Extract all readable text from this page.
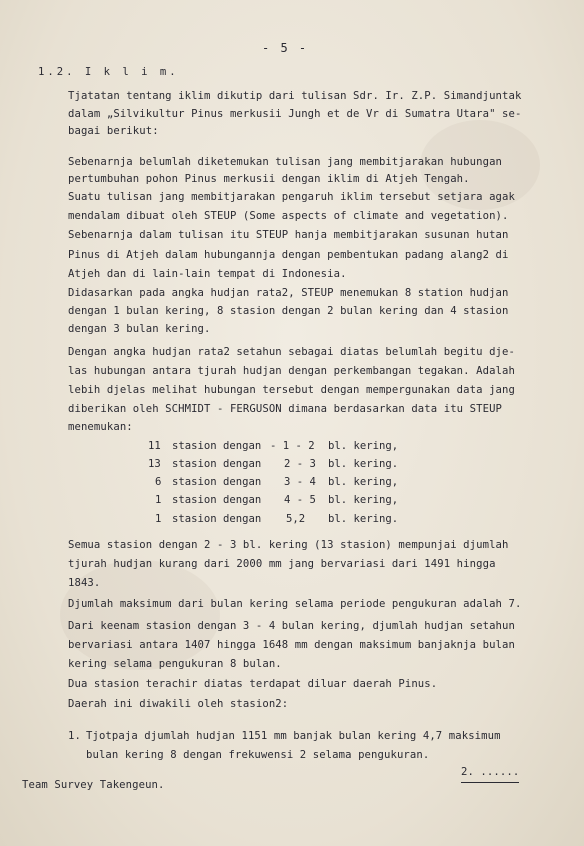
- 5 -
1.2. I k l i m.
Tjatatan tentang iklim dikutip dari tulisan Sdr. Ir. Z.P. Simandjuntak
dalam „Silvikultur Pinus merkusii Jungh et de Vr di Sumatra Utara" se-
bagai berikut:
Sebenarnja belumlah diketemukan tulisan jang membitjarakan hubungan
pertumbuhan pohon Pinus merkusii dengan iklim di Atjeh Tengah.
Suatu tulisan jang membitjarakan pengaruh iklim tersebut setjara agak
mendalam dibuat oleh STEUP (Some aspects of climate and vegetation).
Sebenarnja dalam tulisan itu STEUP hanja membitjarakan susunan hutan
Pinus di Atjeh dalam hubungannja dengan pembentukan padang alang2 di
Atjeh dan di lain-lain tempat di Indonesia.
Didasarkan pada angka hudjan rata2, STEUP menemukan 8 station hudjan
dengan 1 bulan kering, 8 stasion dengan 2 bulan kering dan 4 stasion
dengan 3 bulan kering.
Dengan angka hudjan rata2 setahun sebagai diatas belumlah begitu djе-
las hubungan antara tjurah hudjan dengan perkembangan tegakan. Adalah
lebih djelas melihat hubungan tersebut dengan mempergunakan data jang
diberikan oleh SCHMIDT - FERGUSON dimana berdasarkan data itu STEUP
menemukan:
11 stasion dengan - 1 - 2 bl. kering,
13 stasion dengan 2 - 3 bl. kering.
6 stasion dengan 3 - 4 bl. kering,
1 stasion dengan 4 - 5 bl. kering,
1 stasion dengan 5,2 bl. kering.
Semua stasion dengan 2 - 3 bl. kering (13 stasion) mempunjai djumlah
tjurah hudjan kurang dari 2000 mm jang bervariasi dari 1491 hingga
1843.
Djumlah maksimum dari bulan kering selama periode pengukuran adalah 7.
Dari keenam stasion dengan 3 - 4 bulan kering, djumlah hudjan setahun
bervariasi antara 1407 hingga 1648 mm dengan maksimum banjaknja bulan
kering selama pengukuran 8 bulan.
Dua stasion terachir diatas terdapat diluar daerah Pinus.
Daerah ini diwakili oleh stasion2:
1. Tjotpaja djumlah hudjan 1151 mm banjak bulan kering 4,7 maksimum
bulan kering 8 dengan frekuwensi 2 selama pengukuran.
2. ......
Team Survey Takengeun.
